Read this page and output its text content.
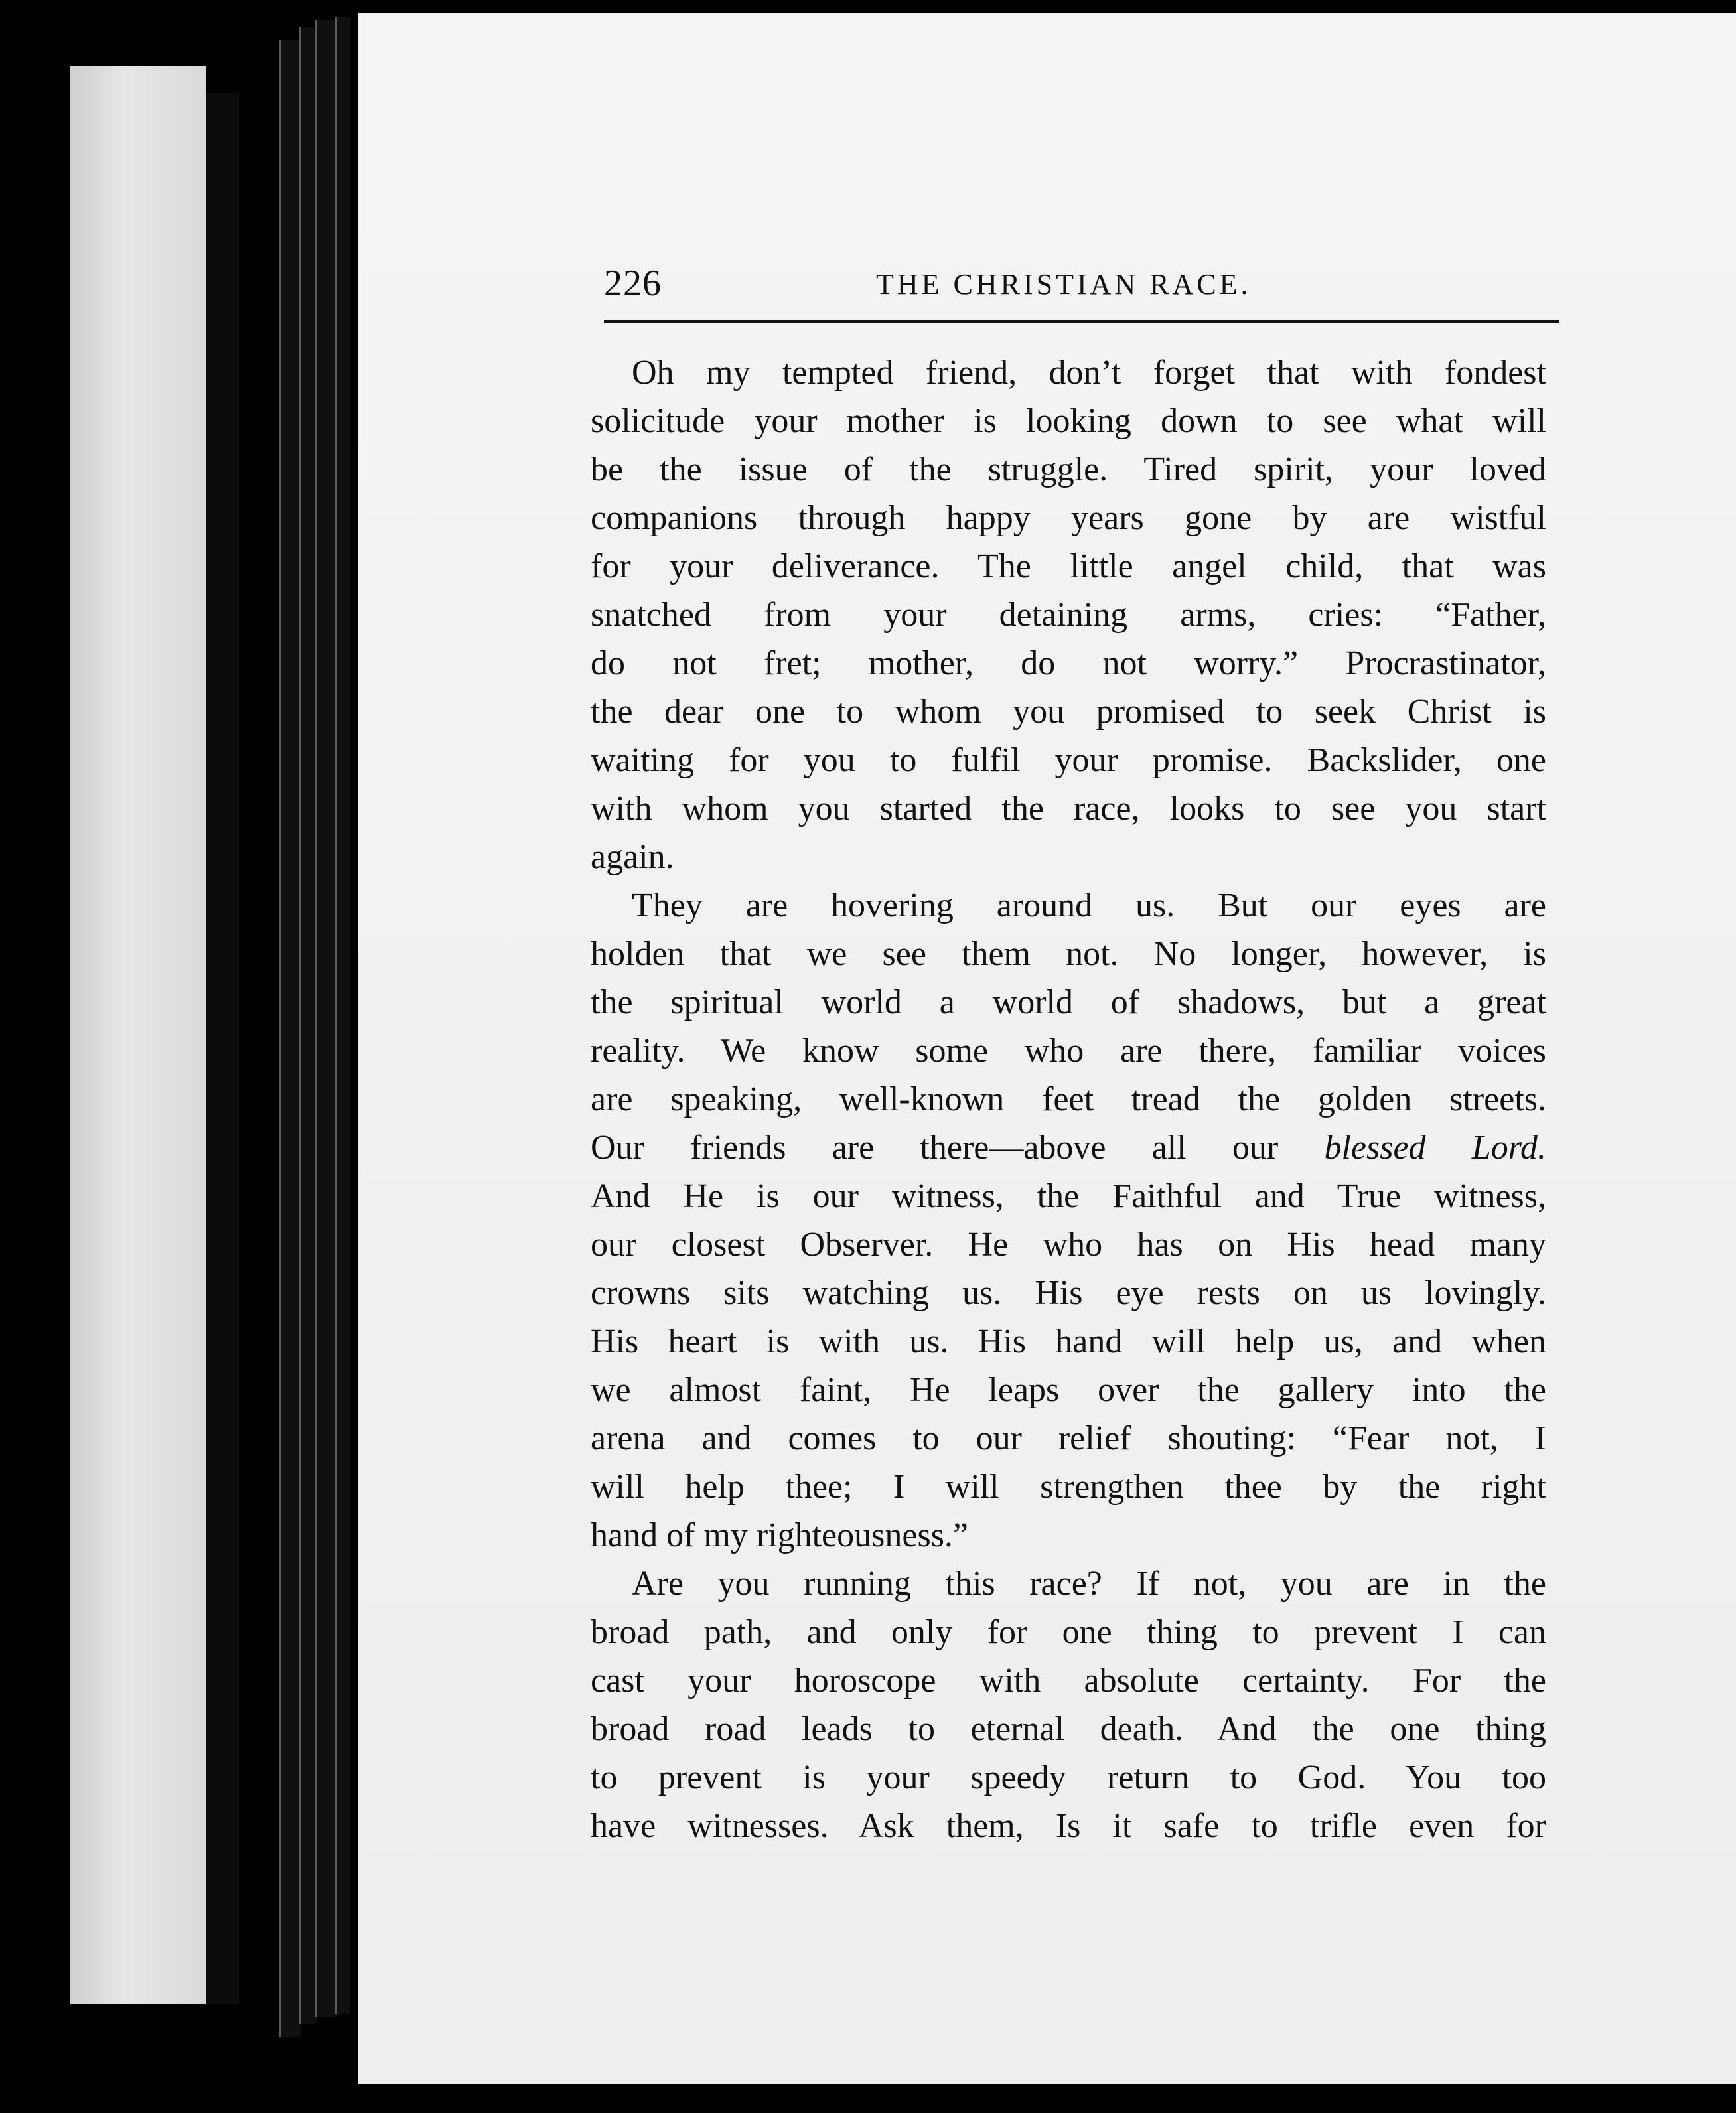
226	THE CHRISTIAN RACE.
Oh my tempted friend, don’t forget that with fondest
solicitude your mother is looking down to see what will
be the issue of the struggle. Tired spirit, your loved
companions through happy years gone by are wistful
for your deliverance. The little angel child, that was
snatched from your detaining arms, cries: “Father,
do not fret; mother, do not worry.” Procrastinator,
the dear one to whom you promised to seek Christ is
waiting for you to fulfil your promise. Backslider, one
with whom you started the race, looks to see you start
again.
They are hovering around us. But our eyes are
holden that we see them not. No longer, however, is
the spiritual world a world of shadows, but a great
reality. We know some who are there, familiar voices
are speaking, well-known feet tread the golden streets.
Our friends are there—above all our blessed Lord.
And He is our witness, the Faithful and True witness,
our closest Observer. He who has on His head many
crowns sits watching us. His eye rests on us lovingly.
His heart is with us. His hand will help us, and when
we almost faint, He leaps over the gallery into the
arena and comes to our relief shouting: “Fear not, I
will help thee; I will strengthen thee by the right
hand of my righteousness.”
Are you running this race? If not, you are in the
broad path, and only for one thing to prevent I can
cast your horoscope with absolute certainty. For the
broad road leads to eternal death. And the one thing
to prevent is your speedy return to God. You too
have witnesses. Ask them, Is it safe to trifle even for
